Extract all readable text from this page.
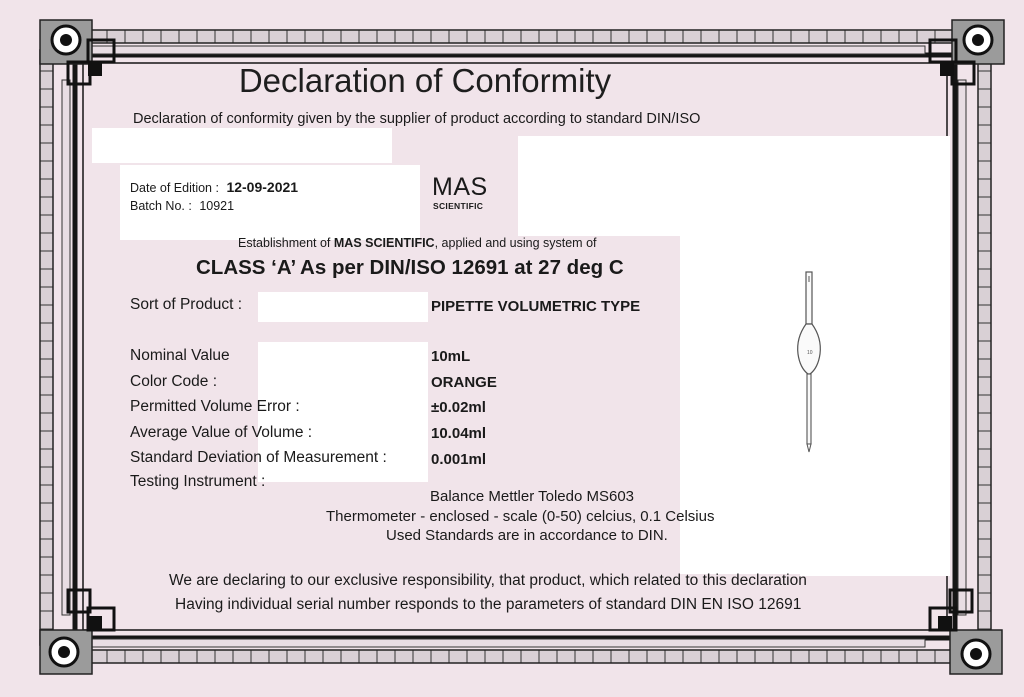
10
Declaration of Conformity
Declaration of conformity given by the supplier of product according to standard DIN/ISO
Date of Edition : 12-09-2021
Batch No. : 10921
MAS
SCIENTIFIC
Establishment of MAS SCIENTIFIC, applied and using system of
CLASS ‘A’ As per DIN/ISO 12691 at 27 deg C
Sort of Product :	PIPETTE VOLUMETRIC TYPE
Nominal Value	10mL
Color Code :	ORANGE
Permitted Volume Error :	±0.02ml
Average Value of Volume :	10.04ml
Standard Deviation of Measurement :	0.001ml
Testing Instrument :
Balance Mettler Toledo MS603
Thermometer - enclosed - scale (0-50) celcius, 0.1 Celsius
Used Standards are in accordance to DIN.
We are declaring to our exclusive responsibility, that product, which related to this declaration
Having individual serial number responds to the parameters of standard DIN EN ISO 12691
